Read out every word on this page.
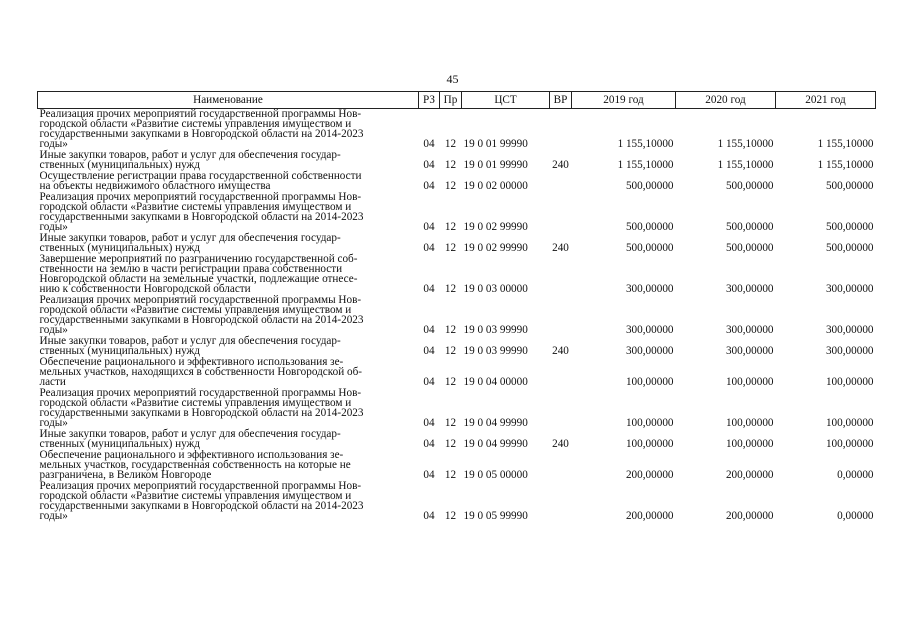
45
Наименование	РЗ	Пр	ЦСТ	ВР	2019 год	2020 год	2021 год

Реализация прочих мероприятий государственной программы Нов-
городской области «Развитие системы управления имуществом и
государственными закупками в Новгородской области на 2014-2023
годы»	04	12	19 0 01 99990		1 155,10000	1 155,10000	1 155,10000

Иные закупки товаров, работ и услуг для обеспечения государ-
ственных (муниципальных) нужд	04	12	19 0 01 99990	240	1 155,10000	1 155,10000	1 155,10000

Осуществление регистрации права государственной собственности
на объекты недвижимого областного имущества	04	12	19 0 02 00000		500,00000	500,00000	500,00000

Реализация прочих мероприятий государственной программы Нов-
городской области «Развитие системы управления имуществом и
государственными закупками в Новгородской области на 2014-2023
годы»	04	12	19 0 02 99990		500,00000	500,00000	500,00000

Иные закупки товаров, работ и услуг для обеспечения государ-
ственных (муниципальных) нужд	04	12	19 0 02 99990	240	500,00000	500,00000	500,00000

Завершение мероприятий по разграничению государственной соб-
ственности на землю в части регистрации права собственности
Новгородской области на земельные участки, подлежащие отнесе-
нию к собственности Новгородской области	04	12	19 0 03 00000		300,00000	300,00000	300,00000

Реализация прочих мероприятий государственной программы Нов-
городской области «Развитие системы управления имуществом и
государственными закупками в Новгородской области на 2014-2023
годы»	04	12	19 0 03 99990		300,00000	300,00000	300,00000

Иные закупки товаров, работ и услуг для обеспечения государ-
ственных (муниципальных) нужд	04	12	19 0 03 99990	240	300,00000	300,00000	300,00000

Обеспечение рационального и эффективного использования зе-
мельных участков, находящихся в собственности Новгородской об-
ласти	04	12	19 0 04 00000		100,00000	100,00000	100,00000

Реализация прочих мероприятий государственной программы Нов-
городской области «Развитие системы управления имуществом и
государственными закупками в Новгородской области на 2014-2023
годы»	04	12	19 0 04 99990		100,00000	100,00000	100,00000

Иные закупки товаров, работ и услуг для обеспечения государ-
ственных (муниципальных) нужд	04	12	19 0 04 99990	240	100,00000	100,00000	100,00000

Обеспечение рационального и эффективного использования зе-
мельных участков, государственная собственность на которые не
разграничена, в Великом Новгороде	04	12	19 0 05 00000		200,00000	200,00000	0,00000

Реализация прочих мероприятий государственной программы Нов-
городской области «Развитие системы управления имуществом и
государственными закупками в Новгородской области на 2014-2023
годы»	04	12	19 0 05 99990		200,00000	200,00000	0,00000
